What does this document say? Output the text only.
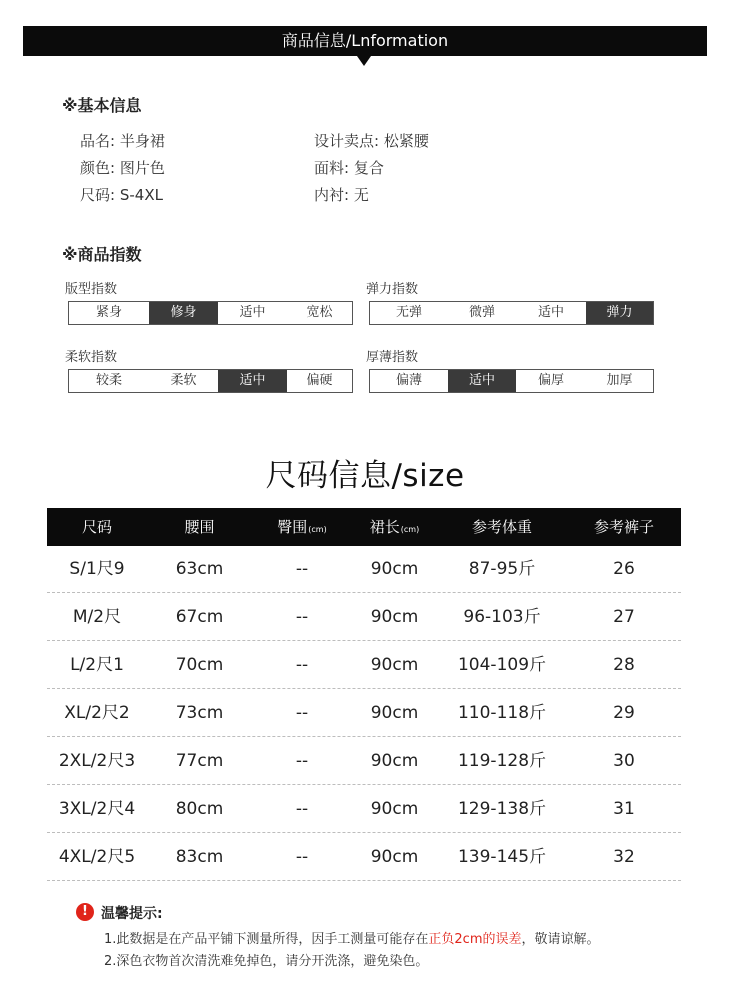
商品信息/Lnformation
※基本信息
品名: 半身裙	设计卖点: 松紧腰
颜色: 图片色	面料: 复合
尺码: S-4XL	内衬: 无
※商品指数
版型指数
紧身	修身	适中	宽松
弹力指数
无弹	微弹	适中	弹力
柔软指数
较柔	柔软	适中	偏硬
厚薄指数
偏薄	适中	偏厚	加厚
尺码信息/size
尺码	腰围	臀围(cm)	裙长(cm)	参考体重	参考裤子
S/1尺9	63cm	--	90cm	87-95斤	26
M/2尺	67cm	--	90cm	96-103斤	27
L/2尺1	70cm	--	90cm	104-109斤	28
XL/2尺2	73cm	--	90cm	110-118斤	29
2XL/2尺3	77cm	--	90cm	119-128斤	30
3XL/2尺4	80cm	--	90cm	129-138斤	31
4XL/2尺5	83cm	--	90cm	139-145斤	32
! 温馨提示:
1.此数据是在产品平铺下测量所得，因手工测量可能存在正负2cm的误差，敬请谅解。
2.深色衣物首次清洗难免掉色，请分开洗涤，避免染色。
